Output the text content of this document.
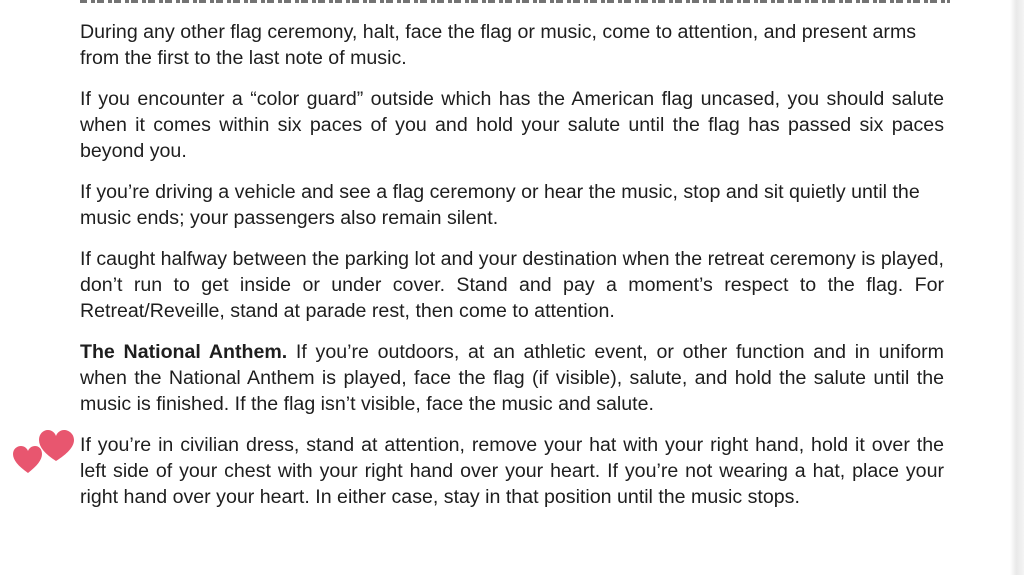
During any other flag ceremony, halt, face the flag or music, come to attention, and present arms from the first to the last note of music.

If you encounter a “color guard” outside which has the American flag uncased, you should salute when it comes within six paces of you and hold your salute until the flag has passed six paces beyond you.

If you’re driving a vehicle and see a flag ceremony or hear the music, stop and sit quietly until the music ends; your passengers also remain silent.

If caught halfway between the parking lot and your destination when the retreat ceremony is played, don’t run to get inside or under cover. Stand and pay a moment’s respect to the flag. For Retreat/Reveille, stand at parade rest, then come to attention.

The National Anthem. If you’re outdoors, at an athletic event, or other function and in uniform when the National Anthem is played, face the flag (if visible), salute, and hold the salute until the music is finished. If the flag isn’t visible, face the music and salute.

If you’re in civilian dress, stand at attention, remove your hat with your right hand, hold it over the left side of your chest with your right hand over your heart. If you’re not wearing a hat, place your right hand over your heart. In either case, stay in that position until the music stops.
